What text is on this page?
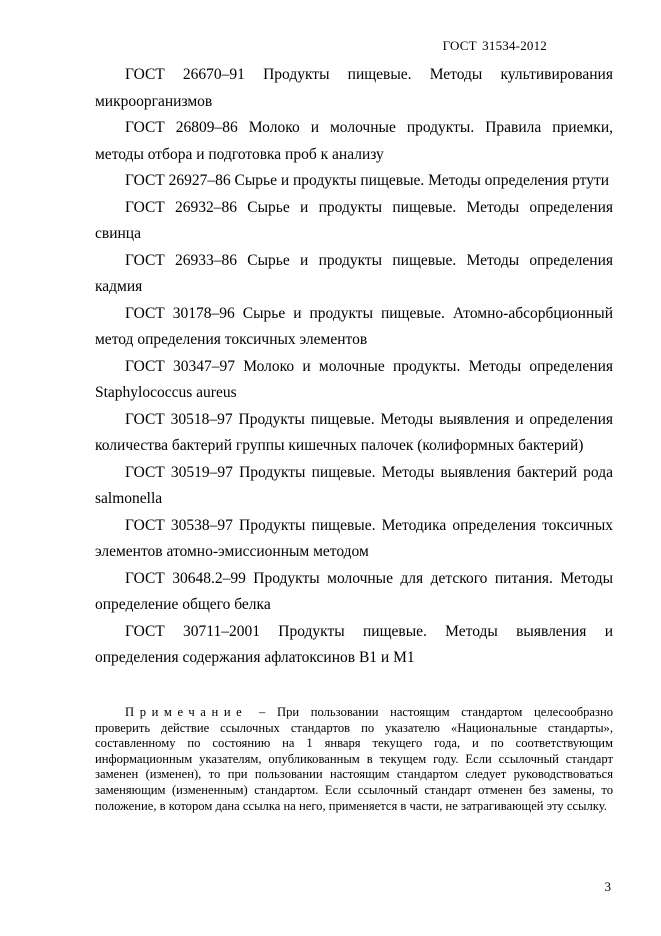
ГОСТ 31534-2012

ГОСТ 26670–91 Продукты пищевые. Методы культивирования микроорганизмов

ГОСТ 26809–86 Молоко и молочные продукты. Правила приемки, методы отбора и подготовка проб к анализу

ГОСТ 26927–86 Сырье и продукты пищевые. Методы определения ртути

ГОСТ 26932–86 Сырье и продукты пищевые. Методы определения свинца

ГОСТ 26933–86 Сырье и продукты пищевые. Методы определения кадмия

ГОСТ 30178–96 Сырье и продукты пищевые. Атомно-абсорбционный метод определения токсичных элементов

ГОСТ 30347–97 Молоко и молочные продукты. Методы определения Staphylococcus aureus

ГОСТ 30518–97 Продукты пищевые. Методы выявления и определения количества бактерий группы кишечных палочек (колиформных бактерий)

ГОСТ 30519–97 Продукты пищевые. Методы выявления бактерий рода salmonella

ГОСТ 30538–97 Продукты пищевые. Методика определения токсичных элементов атомно-эмиссионным методом

ГОСТ 30648.2–99 Продукты молочные для детского питания. Методы определение общего белка

ГОСТ 30711–2001 Продукты пищевые. Методы выявления и определения содержания афлатоксинов В1 и М1

Примечание – При пользовании настоящим стандартом целесообразно проверить действие ссылочных стандартов по указателю «Национальные стандарты», составленному по состоянию на 1 января текущего года, и по соответствующим информационным указателям, опубликованным в текущем году. Если ссылочный стандарт заменен (изменен), то при пользовании настоящим стандартом следует руководствоваться заменяющим (измененным) стандартом. Если ссылочный стандарт отменен без замены, то положение, в котором дана ссылка на него, применяется в части, не затрагивающей эту ссылку.

3
